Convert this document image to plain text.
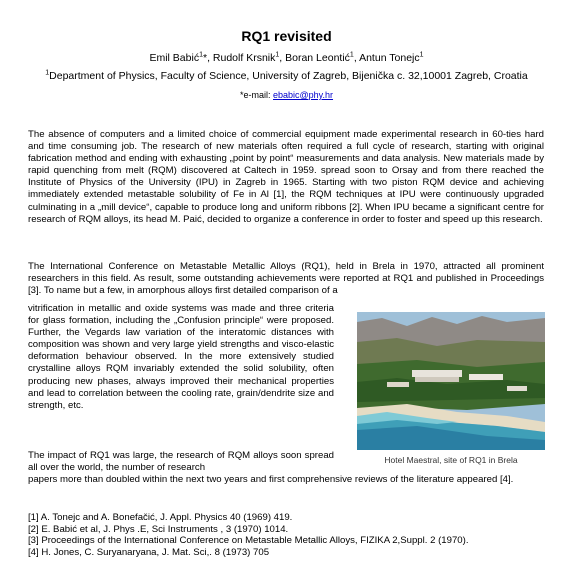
RQ1 revisited
Emil Babić$^1$*, Rudolf Krsnik$^1$, Boran Leontić$^1$, Antun Tonejc$^1$
$^1$Department of Physics, Faculty of Science, University of Zagreb, Bijenička c. 32,10001 Zagreb, Croatia
*e-mail: ebabic@phy.hr
The absence of computers and a limited choice of commercial equipment made experimental research in 60-ties hard and time consuming job. The research of new materials often required a full cycle of research, starting with original fabrication method and ending with exhausting „point by point“ measurements and data analysis. New materials made by rapid quenching from melt (RQM) discovered at Caltech in 1959. spread soon to Orsay and from there reached the Institute of Physics of the University (IPU) in Zagreb in 1965. Starting with two piston RQM device and achieving immediately extended metastable solubility of Fe in Al [1], the RQM techniques at IPU were continuously upgraded culminating in a „mill device“, capable to produce long and uniform ribbons [2]. When IPU became a significant centre for research of RQM alloys, its head M. Paić, decided to organize a conference in order to foster and speed up this research.
The International Conference on Metastable Metallic Alloys (RQ1), held in Brela in 1970, attracted all prominent researchers in this field. As result, some outstanding achievements were reported at RQ1 and published in Proceedings [3]. To name but a few, in amorphous alloys first detailed comparison of a
vitrification in metallic and oxide systems was made and three criteria for glass formation, including the „Confusion principle“ were proposed. Further, the Vegards law variation of the interatomic distances with composition was shown and very large yield strengths and visco-elastic deformation behaviour observed. In the more extensively studied crystalline alloys RQM invariably extended the solid solubility, often producing new phases, always improved their mechanical properties and lead to correlation between the cooling rate, grain/dendrite size and strength, etc.
The impact of RQ1 was large, the research of RQM alloys soon spread all over the world, the number of research
papers more than doubled within the next two years and first comprehensive reviews of the literature appeared [4].
Hotel Maestral, site of RQ1 in Brela
[1] A. Tonejc and A. Bonefačić, J. Appl. Physics 40 (1969) 419.
[2] E. Babić et al, J. Phys .E, Sci Instruments , 3 (1970) 1014.
[3] Proceedings of the International Conference on Metastable Metallic Alloys, FIZIKA 2,Suppl. 2 (1970).
[4] H. Jones, C. Suryanaryana, J. Mat. Sci,. 8 (1973) 705
